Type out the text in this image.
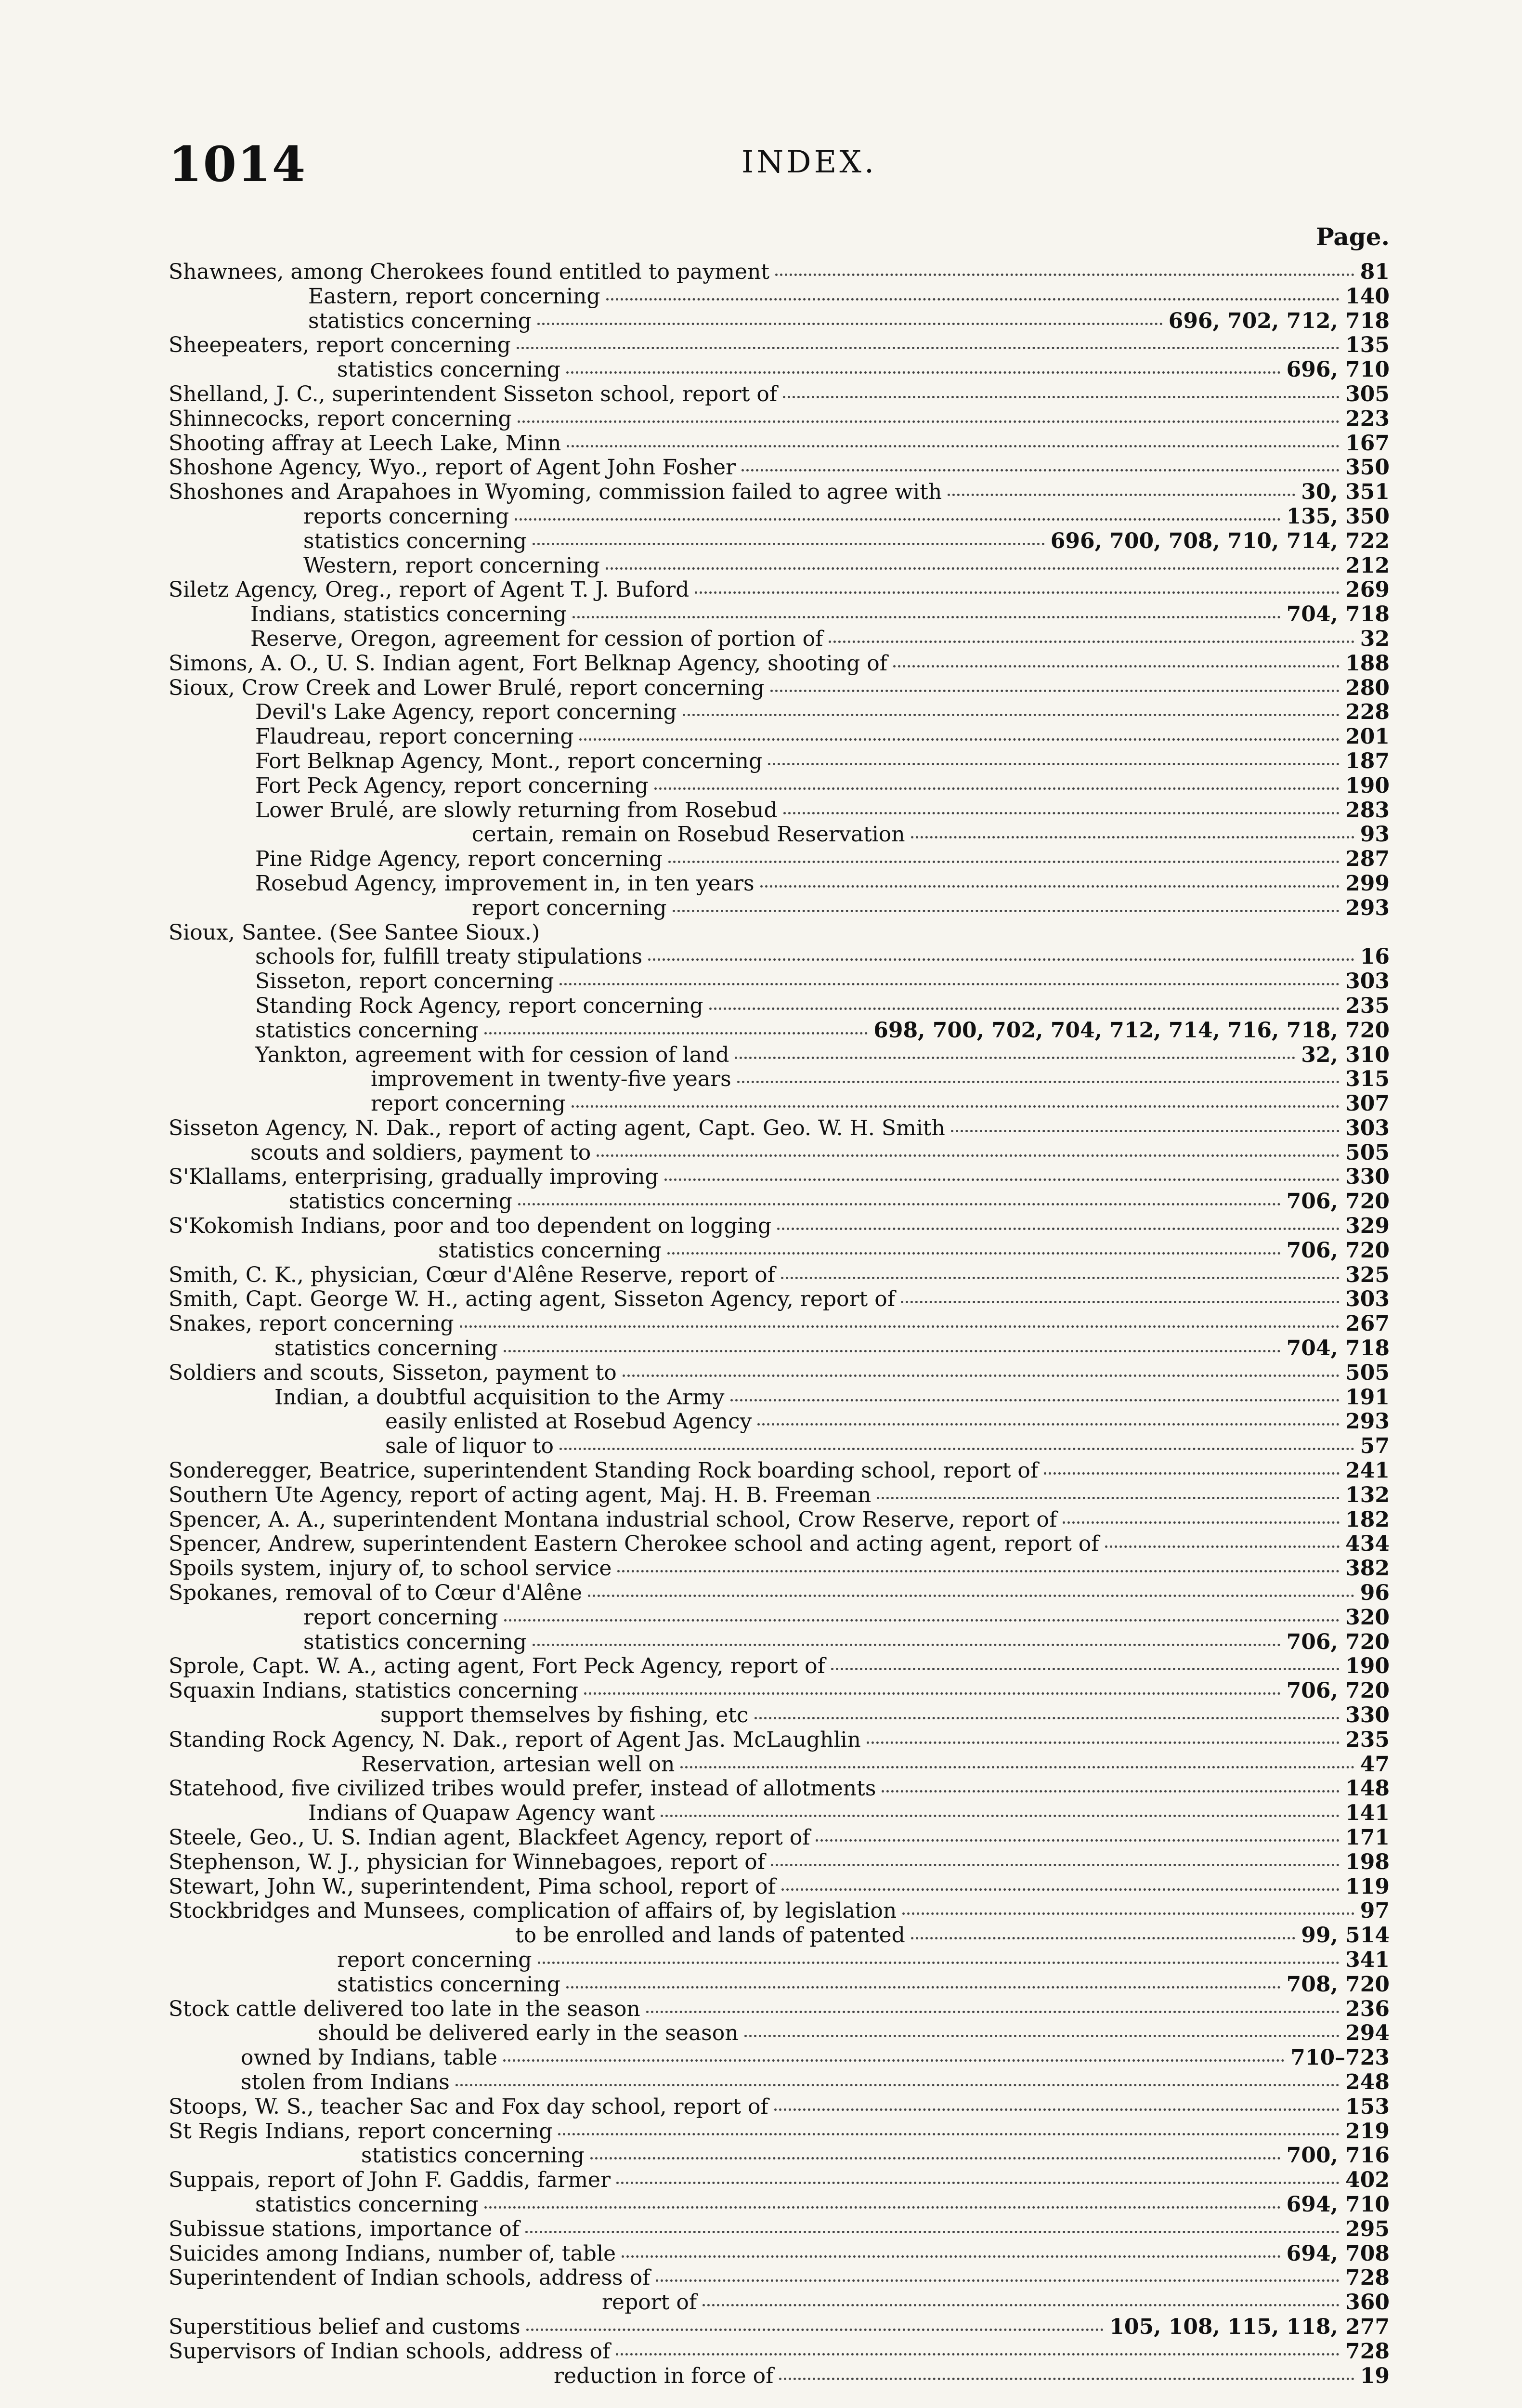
1014	INDEX.
Page.
Shawnees, among Cherokees found entitled to payment	81
Eastern, report concerning	140
statistics concerning	696, 702, 712, 718
Sheepeaters, report concerning	135
statistics concerning	696, 710
Shelland, J. C., superintendent Sisseton school, report of	305
Shinnecocks, report concerning	223
Shooting affray at Leech Lake, Minn	167
Shoshone Agency, Wyo., report of Agent John Fosher	350
Shoshones and Arapahoes in Wyoming, commission failed to agree with	30, 351
reports concerning	135, 350
statistics concerning	696, 700, 708, 710, 714, 722
Western, report concerning	212
Siletz Agency, Oreg., report of Agent T. J. Buford	269
Indians, statistics concerning	704, 718
Reserve, Oregon, agreement for cession of portion of	32
Simons, A. O., U. S. Indian agent, Fort Belknap Agency, shooting of	188
Sioux, Crow Creek and Lower Brulé, report concerning	280
Devil's Lake Agency, report concerning	228
Flaudreau, report concerning	201
Fort Belknap Agency, Mont., report concerning	187
Fort Peck Agency, report concerning	190
Lower Brulé, are slowly returning from Rosebud	283
certain, remain on Rosebud Reservation	93
Pine Ridge Agency, report concerning	287
Rosebud Agency, improvement in, in ten years	299
report concerning	293
Sioux, Santee. (See Santee Sioux.)
schools for, fulfill treaty stipulations	16
Sisseton, report concerning	303
Standing Rock Agency, report concerning	235
statistics concerning	698, 700, 702, 704, 712, 714, 716, 718, 720
Yankton, agreement with for cession of land	32, 310
improvement in twenty-five years	315
report concerning	307
Sisseton Agency, N. Dak., report of acting agent, Capt. Geo. W. H. Smith	303
scouts and soldiers, payment to	505
S'Klallams, enterprising, gradually improving	330
statistics concerning	706, 720
S'Kokomish Indians, poor and too dependent on logging	329
statistics concerning	706, 720
Smith, C. K., physician, Cœur d'Alêne Reserve, report of	325
Smith, Capt. George W. H., acting agent, Sisseton Agency, report of	303
Snakes, report concerning	267
statistics concerning	704, 718
Soldiers and scouts, Sisseton, payment to	505
Indian, a doubtful acquisition to the Army	191
easily enlisted at Rosebud Agency	293
sale of liquor to	57
Sonderegger, Beatrice, superintendent Standing Rock boarding school, report of	241
Southern Ute Agency, report of acting agent, Maj. H. B. Freeman	132
Spencer, A. A., superintendent Montana industrial school, Crow Reserve, report of	182
Spencer, Andrew, superintendent Eastern Cherokee school and acting agent, report of	434
Spoils system, injury of, to school service	382
Spokanes, removal of to Cœur d'Alêne	96
report concerning	320
statistics concerning	706, 720
Sprole, Capt. W. A., acting agent, Fort Peck Agency, report of	190
Squaxin Indians, statistics concerning	706, 720
support themselves by fishing, etc	330
Standing Rock Agency, N. Dak., report of Agent Jas. McLaughlin	235
Reservation, artesian well on	47
Statehood, five civilized tribes would prefer, instead of allotments	148
Indians of Quapaw Agency want	141
Steele, Geo., U. S. Indian agent, Blackfeet Agency, report of	171
Stephenson, W. J., physician for Winnebagoes, report of	198
Stewart, John W., superintendent, Pima school, report of	119
Stockbridges and Munsees, complication of affairs of, by legislation	97
to be enrolled and lands of patented	99, 514
report concerning	341
statistics concerning	708, 720
Stock cattle delivered too late in the season	236
should be delivered early in the season	294
owned by Indians, table	710–723
stolen from Indians	248
Stoops, W. S., teacher Sac and Fox day school, report of	153
St Regis Indians, report concerning	219
statistics concerning	700, 716
Suppais, report of John F. Gaddis, farmer	402
statistics concerning	694, 710
Subissue stations, importance of	295
Suicides among Indians, number of, table	694, 708
Superintendent of Indian schools, address of	728
report of	360
Superstitious belief and customs	105, 108, 115, 118, 277
Supervisors of Indian schools, address of	728
reduction in force of	19
